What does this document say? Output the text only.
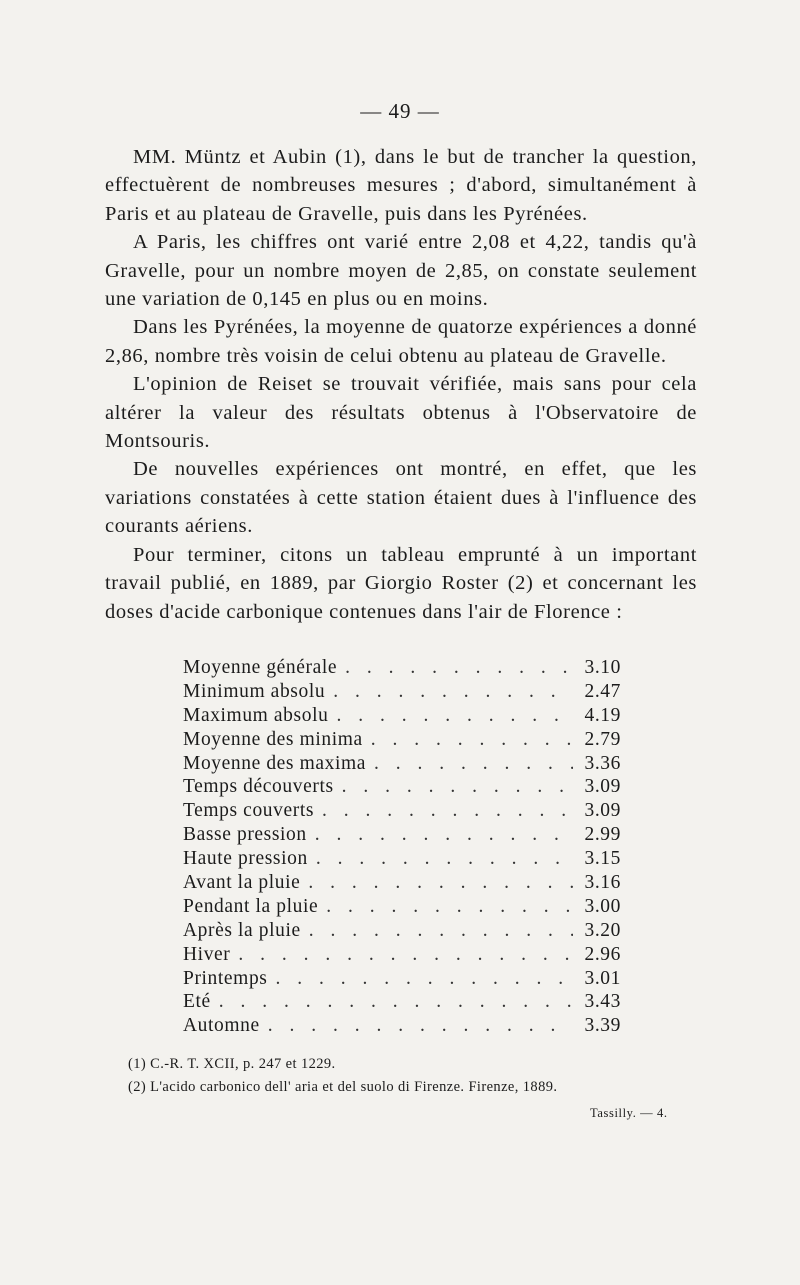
— 49 —

MM. Müntz et Aubin (1), dans le but de trancher la question, effectuèrent de nombreuses mesures ; d'abord, simultanément à Paris et au plateau de Gravelle, puis dans les Pyrénées.

A Paris, les chiffres ont varié entre 2,08 et 4,22, tandis qu'à Gravelle, pour un nombre moyen de 2,85, on constate seulement une variation de 0,145 en plus ou en moins.

Dans les Pyrénées, la moyenne de quatorze expériences a donné 2,86, nombre très voisin de celui obtenu au plateau de Gravelle.

L'opinion de Reiset se trouvait vérifiée, mais sans pour cela altérer la valeur des résultats obtenus à l'Observatoire de Montsouris.

De nouvelles expériences ont montré, en effet, que les variations constatées à cette station étaient dues à l'influence des courants aériens.

Pour terminer, citons un tableau emprunté à un important travail publié, en 1889, par Giorgio Roster (2) et concernant les doses d'acide carbonique contenues dans l'air de Florence :

Moyenne générale . . .	3.10
Minimum absolu . . .	2.47
Maximum absolu . . .	4.19
Moyenne des minima . . .	2.79
Moyenne des maxima . . .	3.36
Temps découverts . . .	3.09
Temps couverts . . .	3.09
Basse pression . . .	2.99
Haute pression . . .	3.15
Avant la pluie . . .	3.16
Pendant la pluie . . .	3.00
Après la pluie . . .	3.20
Hiver . . .	2.96
Printemps . . .	3.01
Eté . . .	3.43
Automne . . .	3.39
(1) C.-R. T. XCII, p. 247 et 1229.
(2) L'acido carbonico dell' aria et del suolo di Firenze. Firenze, 1889.
Tassilly. — 4.
